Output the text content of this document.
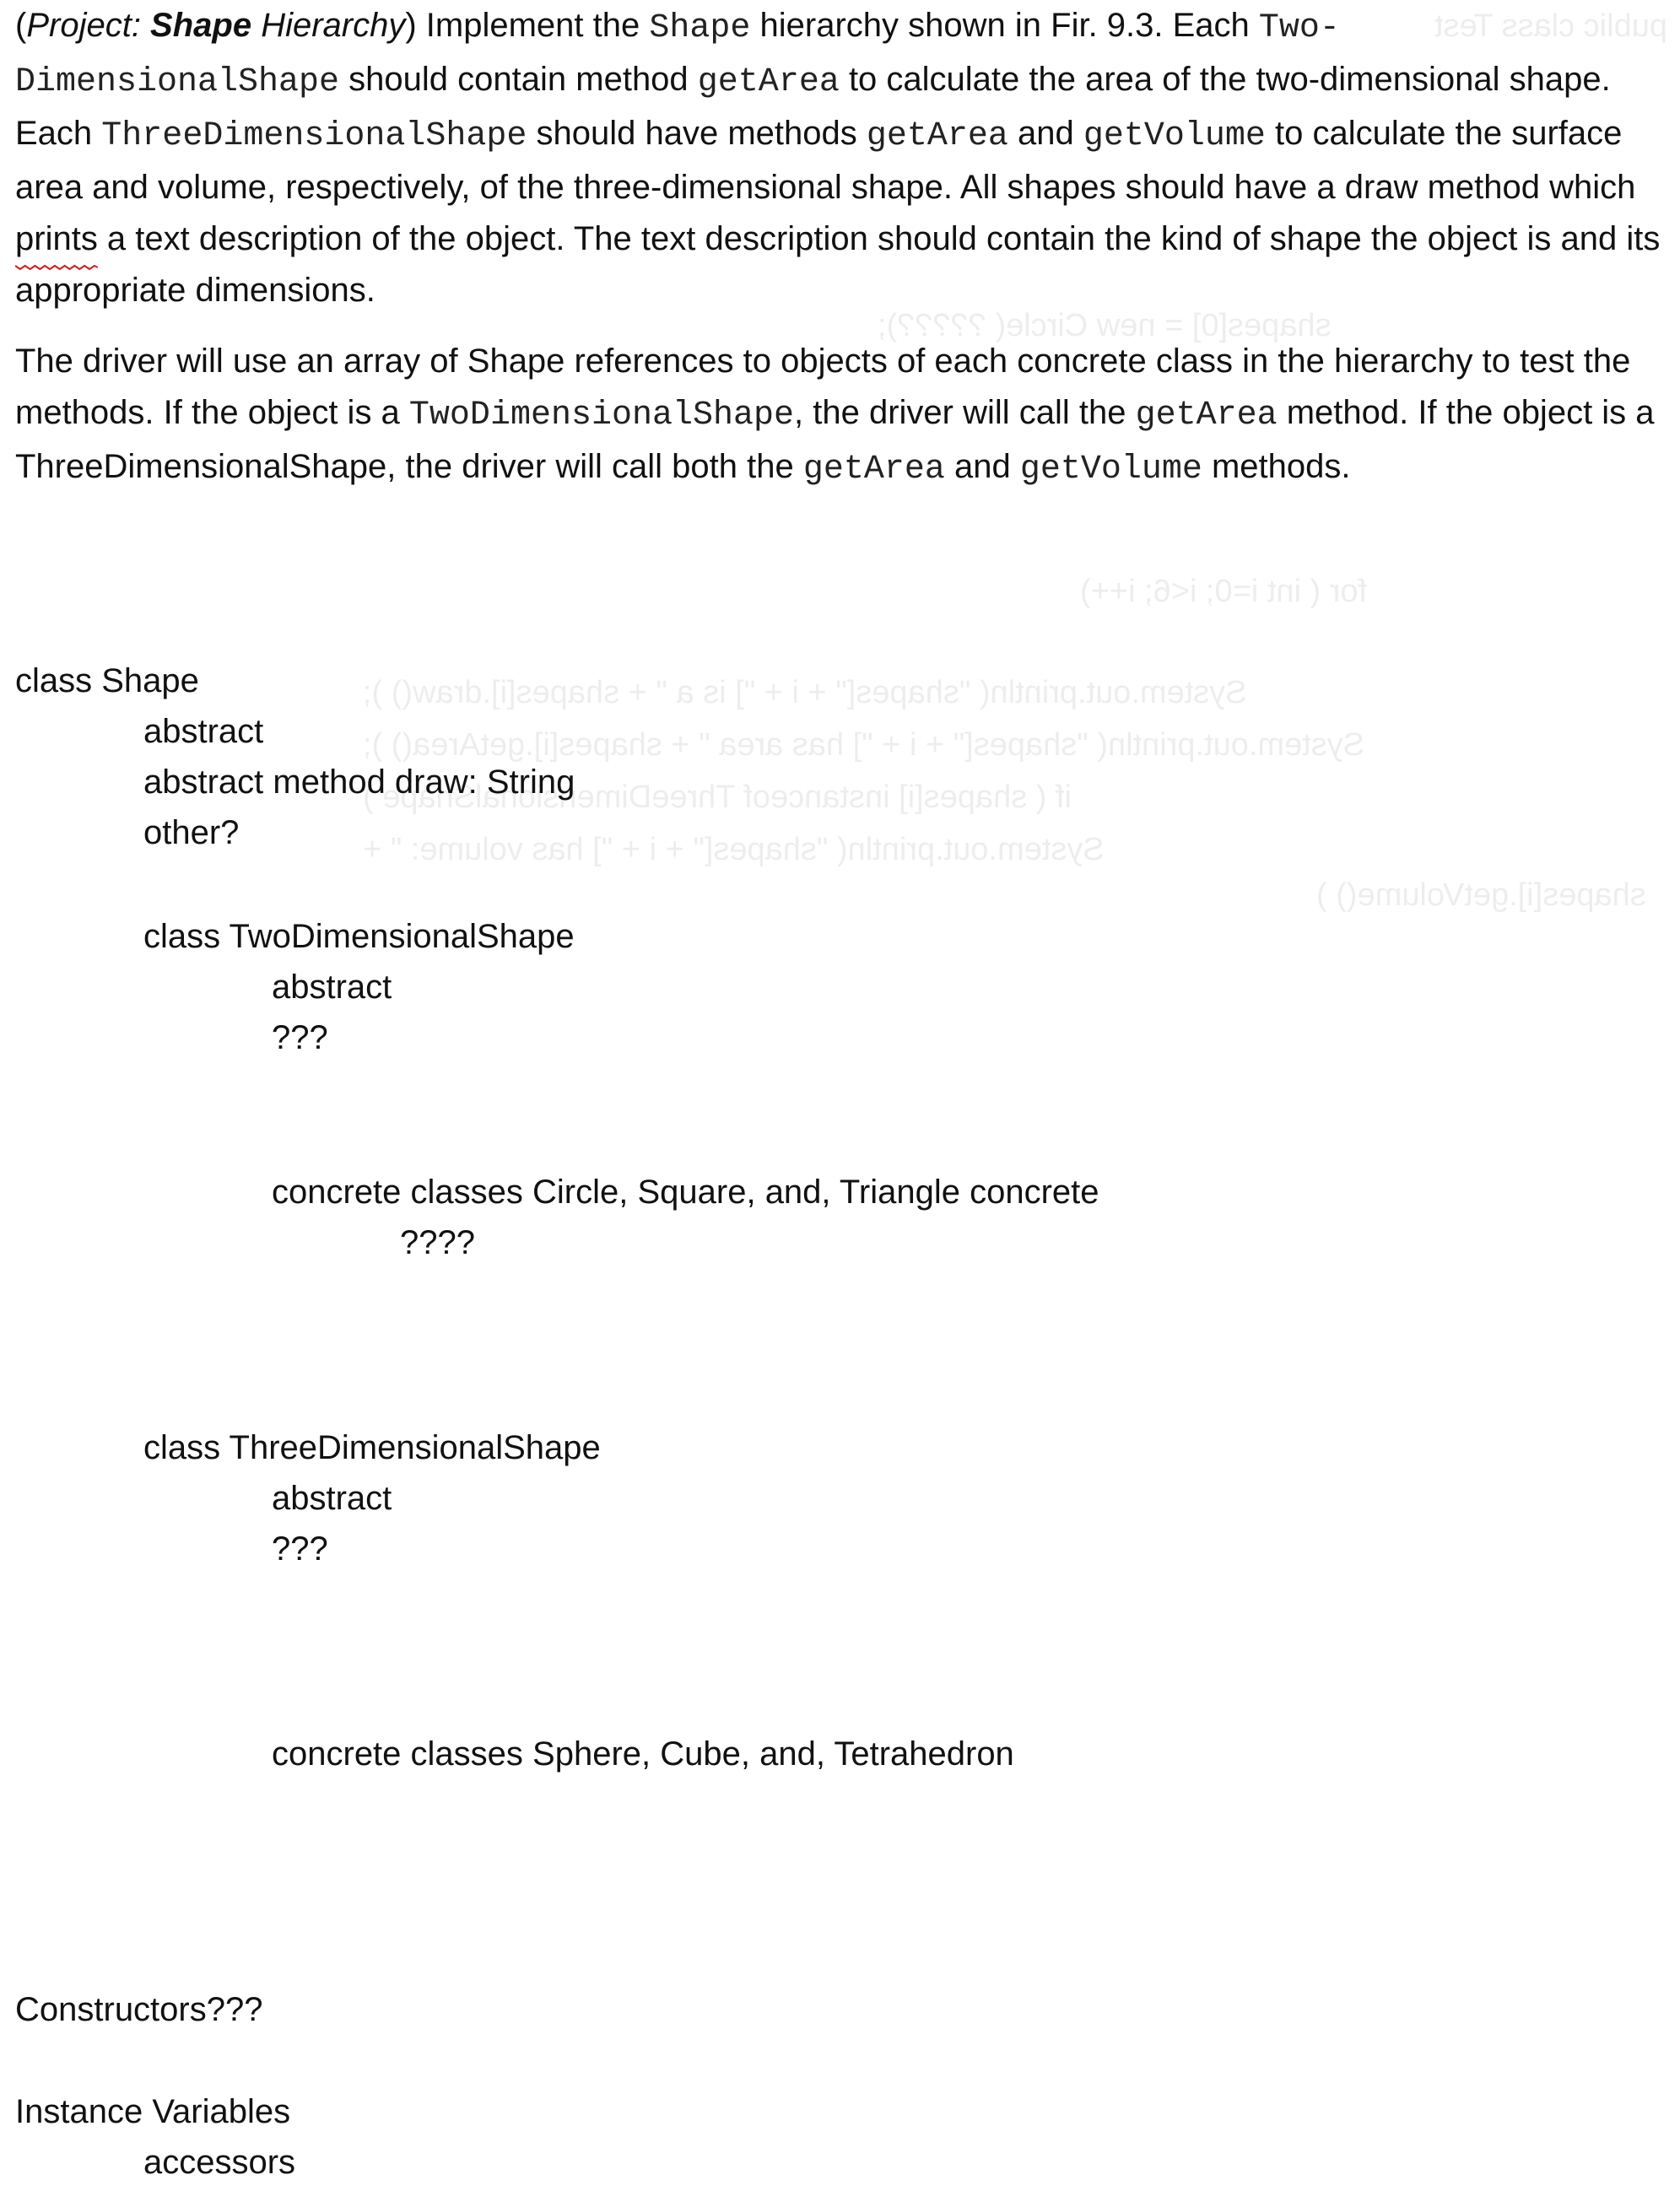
public class Test
shapes[0] = new Circle( ?????);
for ( int i=0; i<6; i++)
System.out.println( "shapes[" + i + "] is a " + shapes[i].draw() );
System.out.println( "shapes[" + i + "] has area " + shapes[i].getArea() );
if ( shapes[i] instanceof ThreeDimensionalShape )
System.out.println( "shapes[" + i + "] has volume: " +
shapes[i].getVolume() )
(Project: Shape Hierarchy) Implement the Shape hierarchy shown in Fir. 9.3. Each Two-
DimensionalShape should contain method getArea to calculate the area of the two-dimensional shape. Each ThreeDimensionalShape should have methods getArea and getVolume to calculate the surface area and volume, respectively, of the three-dimensional shape. All shapes should have a draw method which prints
a text description of the object. The text description should contain the kind of shape the object is and its appropriate dimensions.
The driver will use an array of Shape references to objects of each concrete class in the hierarchy to test the methods. If the object is a TwoDimensionalShape, the driver will call the getArea method. If the object is a ThreeDimensionalShape, the driver will call both the getArea and getVolume methods.
class Shape
abstract
abstract method draw: String
other?
class TwoDimensionalShape
abstract
???
concrete classes Circle, Square, and, Triangle concrete
????
class ThreeDimensionalShape
abstract
???
concrete classes Sphere, Cube, and, Tetrahedron
Constructors???
Instance Variables
accessors
